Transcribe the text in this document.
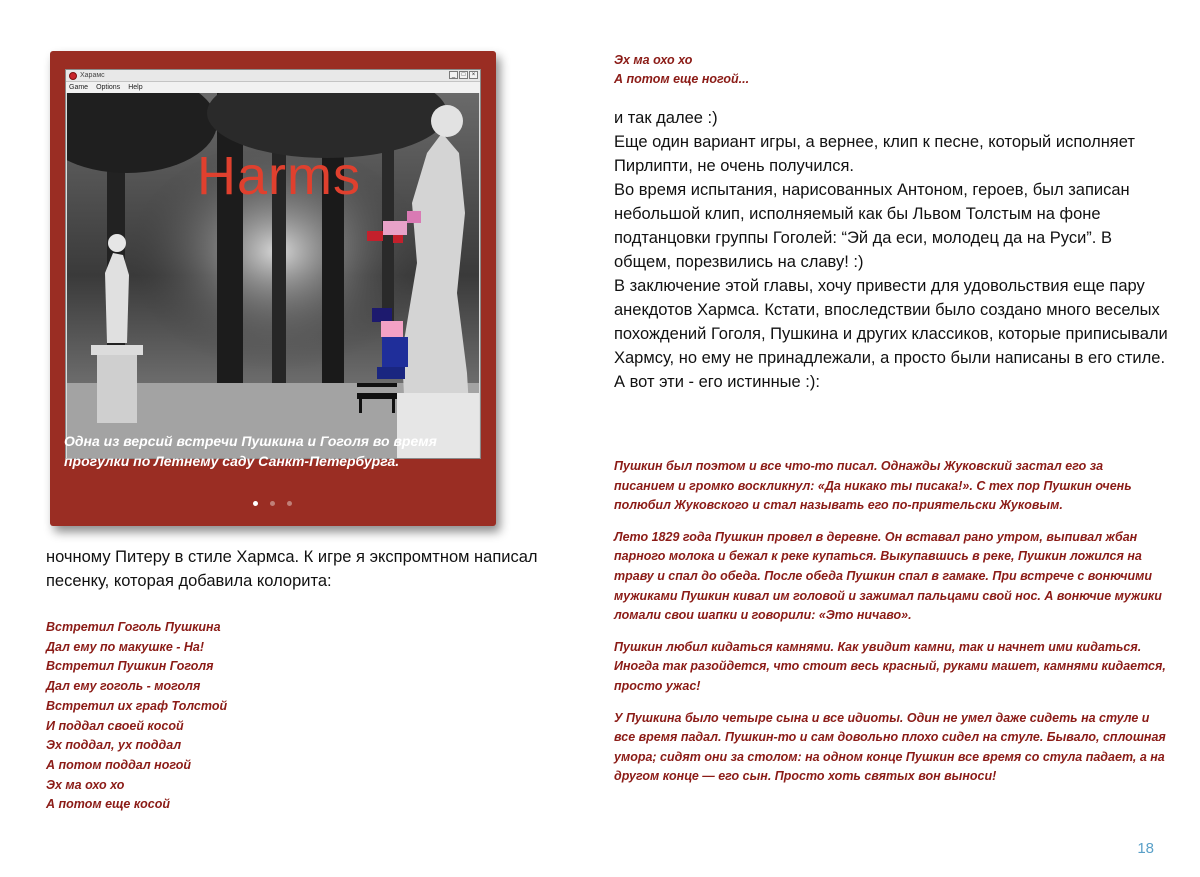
Харамс	_	□	×
Game Options Help
Harms
Одна из версий встречи Пушкина и Гоголя во время прогулки по Летнему саду Санкт-Петербурга.
ночному Питеру в стиле Хармса. К игре я экспромтном написал песенку, которая добавила колорита:
Встретил Гоголь Пушкина
Дал ему по макушке - На!
Встретил Пушкин Гоголя
Дал ему гоголь - моголя
Встретил их граф Толстой
И поддал своей косой
Эх поддал, ух поддал
А потом поддал ногой
Эх ма охо хо
А потом еще косой
Эх ма охо хо
А потом еще ногой...

и так далее :)

Еще один вариант игры, а вернее, клип к песне, который исполняет Пирлипти, не очень получился.

Во время испытания, нарисованных Антоном, героев, был записан небольшой клип, исполняемый как бы Львом Толстым на фоне подтанцовки группы Гоголей: “Эй да еси, молодец да на Руси”. В общем, порезвились на славу! :)

В заключение этой главы, хочу привести для удовольствия еще пару анекдотов Хармса. Кстати, впоследствии было создано много веселых похождений Гоголя, Пушкина и других классиков, которые приписывали Хармсу, но ему не принадлежали, а просто были написаны в его стиле.

А вот эти - его истинные :):

Пушкин был поэтом и все что-то писал. Однажды Жуковский застал его за писанием и громко воскликнул: «Да никако ты писака!». С тех пор Пушкин очень полюбил Жуковского и стал называть его по-приятельски Жуковым.

Лето 1829 года Пушкин провел в деревне. Он вставал рано утром, выпивал жбан парного молока и бежал к реке купаться. Выкупавшись в реке, Пушкин ложился на траву и спал до обеда. После обеда Пушкин спал в гамаке. При встрече с вонючими мужиками Пушкин кивал им головой и зажимал пальцами свой нос. А вонючие мужики ломали свои шапки и говорили: «Это ничаво».

Пушкин любил кидаться камнями. Как увидит камни, так и начнет ими кидаться. Иногда так разойдется, что стоит весь красный, руками машет, камнями кидается, просто ужас!

У Пушкина было четыре сына и все идиоты. Один не умел даже сидеть на стуле и все время падал. Пушкин-то и сам довольно плохо сидел на стуле. Бывало, сплошная умора; сидят они за столом: на одном конце Пушкин все время со стула падает, а на другом конце — его сын. Просто хоть святых вон выноси!

18
